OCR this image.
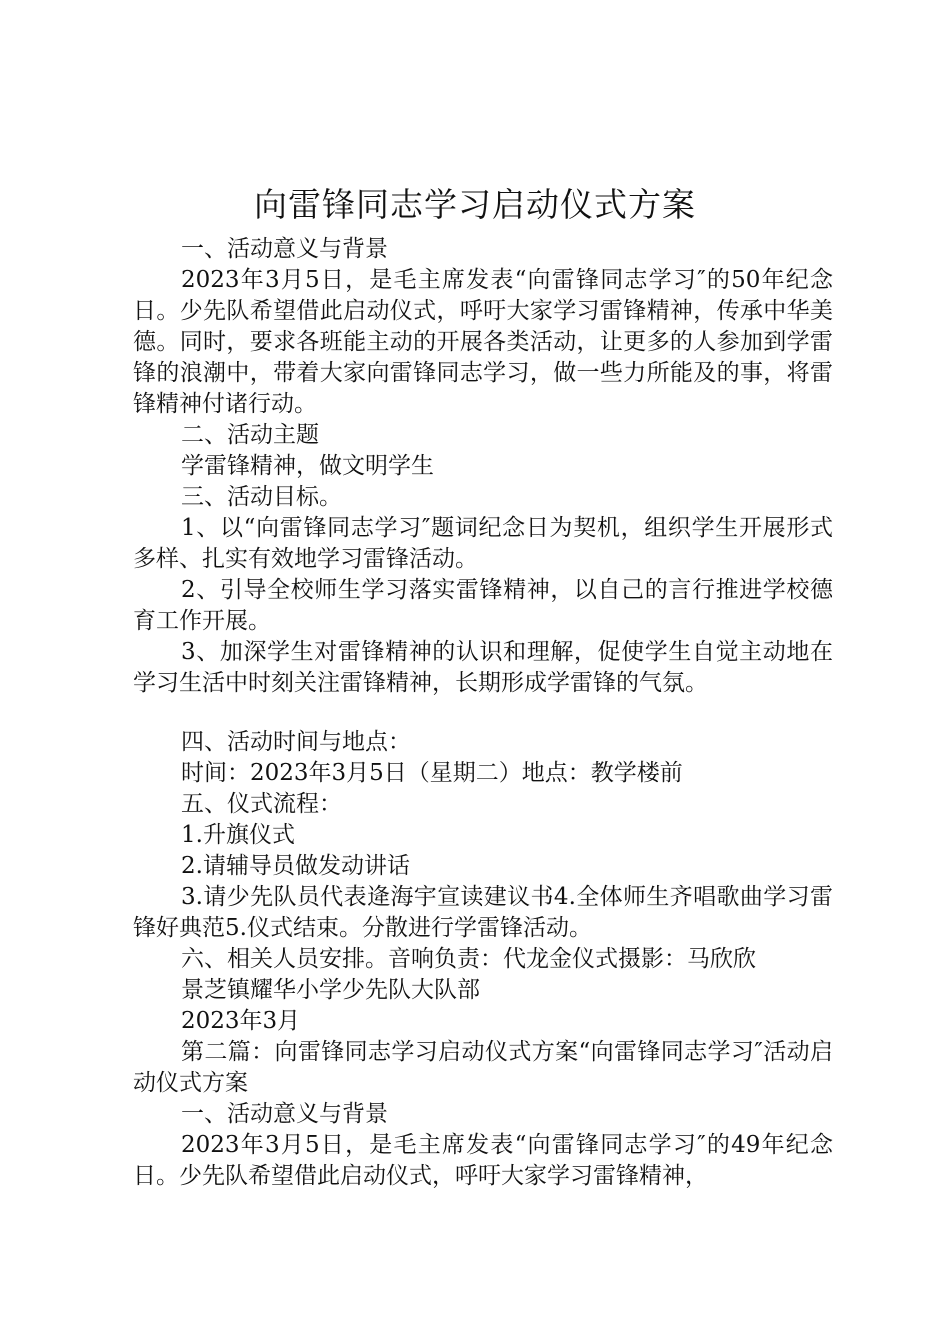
向雷锋同志学习启动仪式方案

一、活动意义与背景

2023年3月5日，是毛主席发表“向雷锋同志学习″的50年纪念日。少先队希望借此启动仪式，呼吁大家学习雷锋精神，传承中华美德。同时，要求各班能主动的开展各类活动，让更多的人参加到学雷锋的浪潮中，带着大家向雷锋同志学习，做一些力所能及的事，将雷锋精神付诸行动。

二、活动主题

学雷锋精神，做文明学生

三、活动目标。

1、以“向雷锋同志学习″题词纪念日为契机，组织学生开展形式多样、扎实有效地学习雷锋活动。

2、引导全校师生学习落实雷锋精神，以自己的言行推进学校德育工作开展。

3、加深学生对雷锋精神的认识和理解，促使学生自觉主动地在学习生活中时刻关注雷锋精神，长期形成学雷锋的气氛。

四、活动时间与地点：

时间：2023年3月5日（星期二）地点：教学楼前

五、仪式流程：

1.升旗仪式

2.请辅导员做发动讲话

3.请少先队员代表逄海宇宣读建议书4.全体师生齐唱歌曲学习雷锋好典范5.仪式结束。分散进行学雷锋活动。

六、相关人员安排。音响负责：代龙金仪式摄影：马欣欣

景芝镇耀华小学少先队大队部

2023年3月

第二篇：向雷锋同志学习启动仪式方案“向雷锋同志学习″活动启动仪式方案

一、活动意义与背景

2023年3月5日，是毛主席发表“向雷锋同志学习″的49年纪念日。少先队希望借此启动仪式，呼吁大家学习雷锋精神，
